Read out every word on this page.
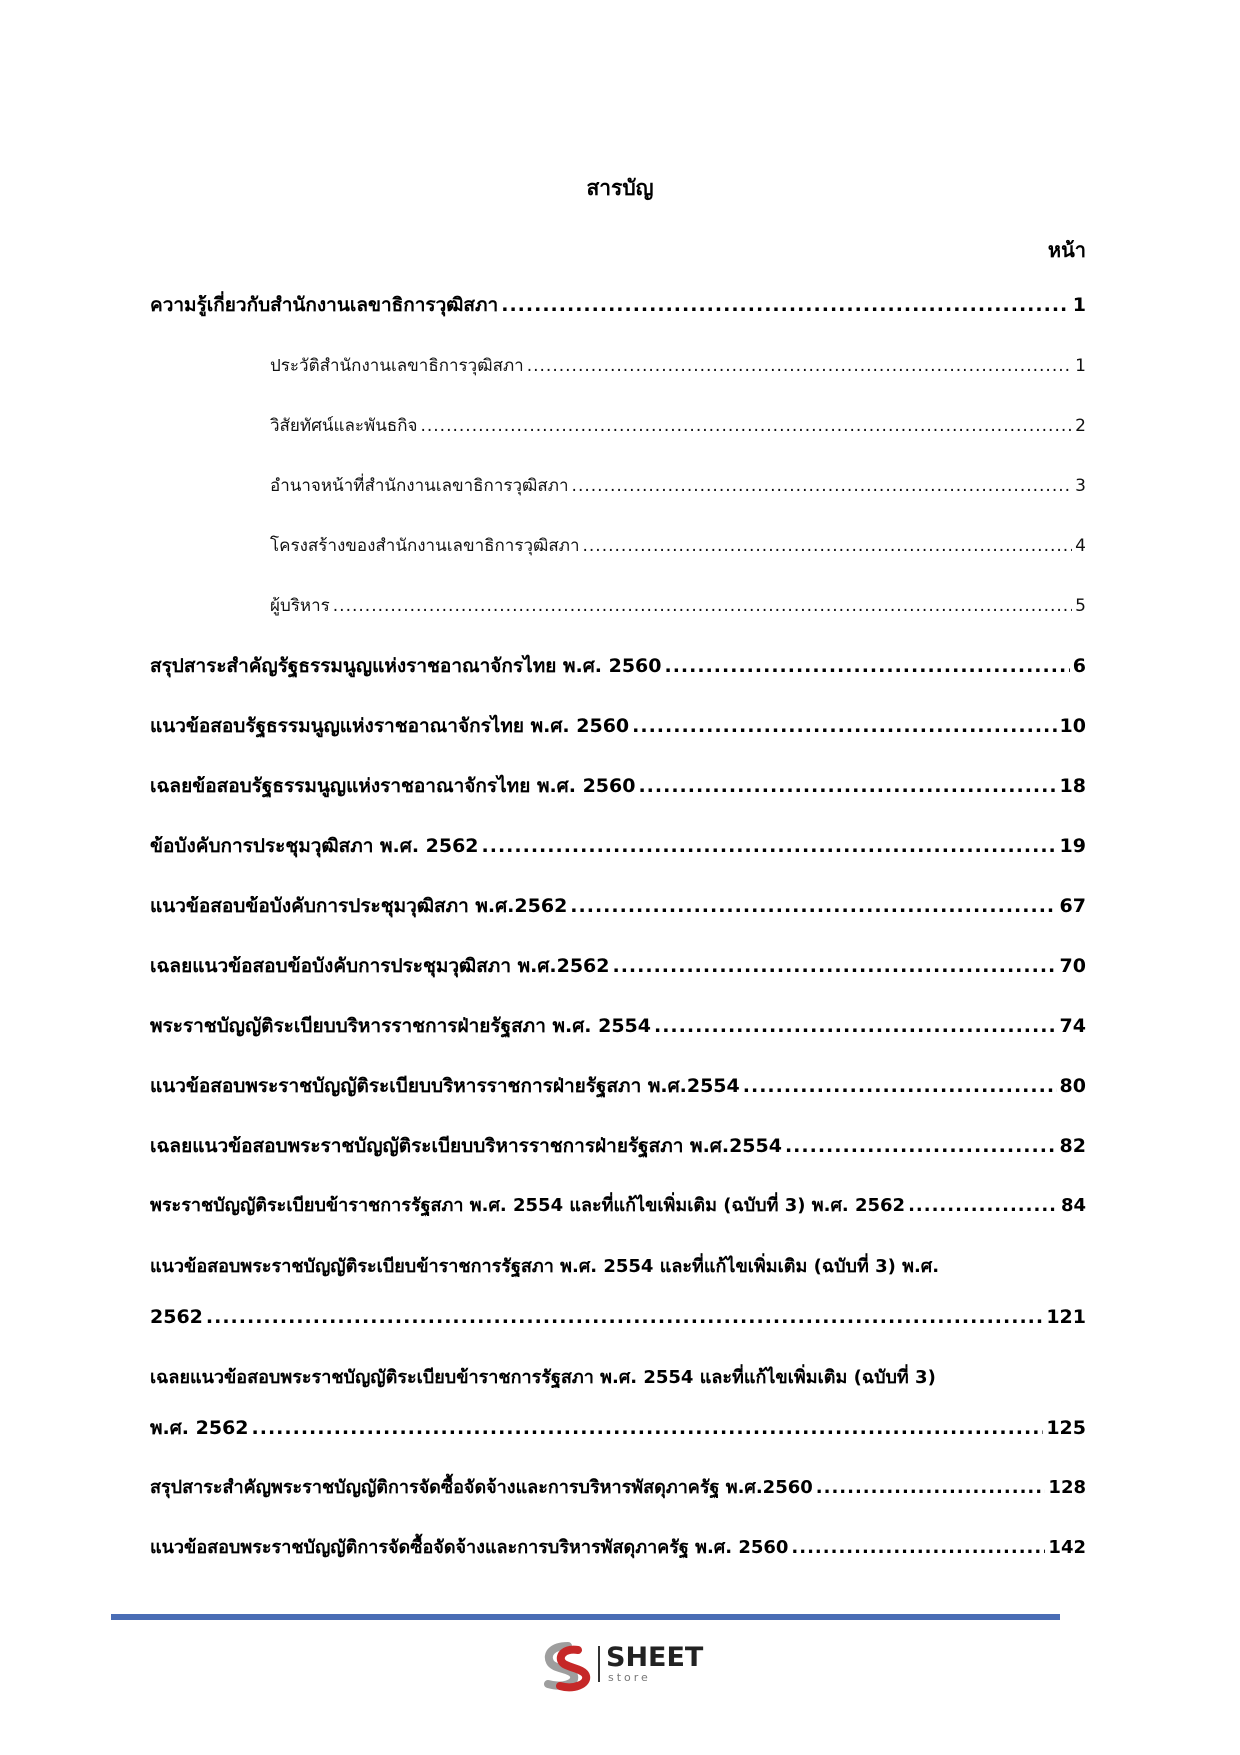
สารบัญ
หน้า
ความรู้เกี่ยวกับสำนักงานเลขาธิการวุฒิสภา .....	1
ประวัติสำนักงานเลขาธิการวุฒิสภา .....	1
วิสัยทัศน์และพันธกิจ .....	2
อำนาจหน้าที่สำนักงานเลขาธิการวุฒิสภา .....	3
โครงสร้างของสำนักงานเลขาธิการวุฒิสภา .....	4
ผู้บริหาร .....	5
สรุปสาระสำคัญรัฐธรรมนูญแห่งราชอาณาจักรไทย พ.ศ. 2560 .....	6
แนวข้อสอบรัฐธรรมนูญแห่งราชอาณาจักรไทย พ.ศ. 2560 .....	10
เฉลยข้อสอบรัฐธรรมนูญแห่งราชอาณาจักรไทย พ.ศ. 2560 .....	18
ข้อบังคับการประชุมวุฒิสภา พ.ศ. 2562 .....	19
แนวข้อสอบข้อบังคับการประชุมวุฒิสภา พ.ศ.2562 .....	67
เฉลยแนวข้อสอบข้อบังคับการประชุมวุฒิสภา พ.ศ.2562 .....	70
พระราชบัญญัติระเบียบบริหารราชการฝ่ายรัฐสภา พ.ศ. 2554 .....	74
แนวข้อสอบพระราชบัญญัติระเบียบบริหารราชการฝ่ายรัฐสภา พ.ศ.2554 .....	80
เฉลยแนวข้อสอบพระราชบัญญัติระเบียบบริหารราชการฝ่ายรัฐสภา พ.ศ.2554 .....	82
พระราชบัญญัติระเบียบข้าราชการรัฐสภา พ.ศ. 2554 และที่แก้ไขเพิ่มเติม (ฉบับที่ 3) พ.ศ. 2562 .....	84
แนวข้อสอบพระราชบัญญัติระเบียบข้าราชการรัฐสภา พ.ศ. 2554 และที่แก้ไขเพิ่มเติม (ฉบับที่ 3) พ.ศ.
2562 .....	121
เฉลยแนวข้อสอบพระราชบัญญัติระเบียบข้าราชการรัฐสภา พ.ศ. 2554 และที่แก้ไขเพิ่มเติม (ฉบับที่ 3)
พ.ศ. 2562 .....	125
สรุปสาระสำคัญพระราชบัญญัติการจัดซื้อจัดจ้างและการบริหารพัสดุภาครัฐ พ.ศ.2560 .....	128
แนวข้อสอบพระราชบัญญัติการจัดซื้อจัดจ้างและการบริหารพัสดุภาครัฐ พ.ศ. 2560 .....	142
SHEET
store
